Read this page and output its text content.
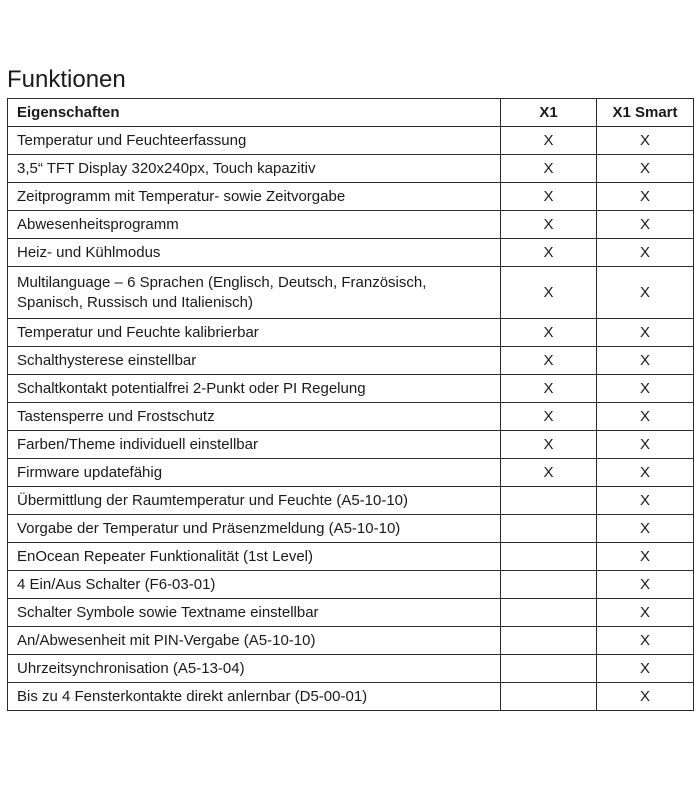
Funktionen
Eigenschaften	X1	X1 Smart
Temperatur und Feuchteerfassung	X	X
3,5“ TFT Display 320x240px, Touch kapazitiv	X	X
Zeitprogramm mit Temperatur- sowie Zeitvorgabe	X	X
Abwesenheitsprogramm	X	X
Heiz- und Kühlmodus	X	X
Multilanguage – 6 Sprachen (Englisch, Deutsch, Französisch, Spanisch, Russisch und Italienisch)	X	X
Temperatur und Feuchte kalibrierbar	X	X
Schalthysterese einstellbar	X	X
Schaltkontakt potentialfrei 2-Punkt oder PI Regelung	X	X
Tastensperre und Frostschutz	X	X
Farben/Theme individuell einstellbar	X	X
Firmware updatefähig	X	X
Übermittlung der Raumtemperatur und Feuchte (A5-10-10)		X
Vorgabe der Temperatur und Präsenzmeldung (A5-10-10)		X
EnOcean Repeater Funktionalität (1st Level)		X
4 Ein/Aus Schalter (F6-03-01)		X
Schalter Symbole sowie Textname einstellbar		X
An/Abwesenheit mit PIN-Vergabe (A5-10-10)		X
Uhrzeitsynchronisation (A5-13-04)		X
Bis zu 4 Fensterkontakte direkt anlernbar (D5-00-01)		X
